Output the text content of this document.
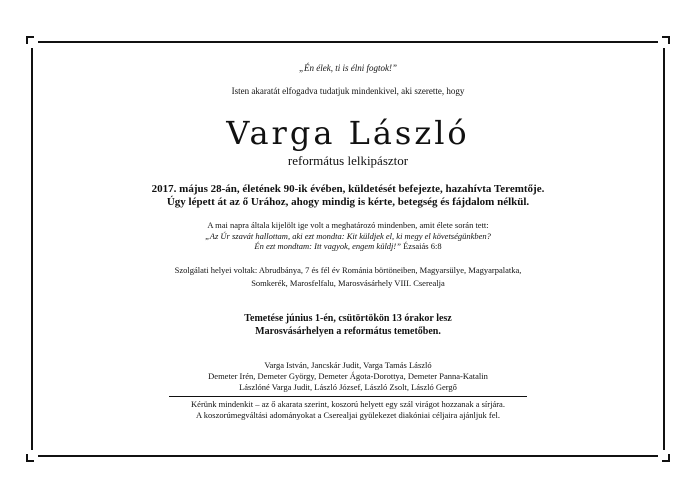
„Én élek, ti is élni fogtok!”
Isten akaratát elfogadva tudatjuk mindenkivel, aki szerette, hogy
Varga László
református lelkipásztor
2017. május 28-án, életének 90-ik évében, küldetését befejezte, hazahívta Teremtője.
Úgy lépett át az ő Urához, ahogy mindig is kérte, betegség és fájdalom nélkül.
A mai napra általa kijelölt ige volt a meghatározó mindenben, amit élete során tett:
„Az Úr szavát hallottam, aki ezt mondta: Kit küldjek el, ki megy el követségünkben?
Én ezt mondtam: Itt vagyok, engem küldj!” Ézsaiás 6:8
Szolgálati helyei voltak: Abrudbánya, 7 és fél év Románia börtöneiben, Magyarsülye, Magyarpalatka,
Somkerék, Marosfelfalu, Marosvásárhely VIII. Cserealja
Temetése június 1-én, csütörtökön 13 órakor lesz
Marosvásárhelyen a református temetőben.
Varga István, Jancskár Judit, Varga Tamás László
Demeter Irén, Demeter György, Demeter Ágota-Dorottya, Demeter Panna-Katalin
Lászlóné Varga Judit, László József, László Zsolt, László Gergő
Kérünk mindenkit – az ő akarata szerint, koszorú helyett egy szál virágot hozzanak a sírjára.
A koszorúmegváltási adományokat a Cserealjai gyülekezet diakóniai céljaira ajánljuk fel.
